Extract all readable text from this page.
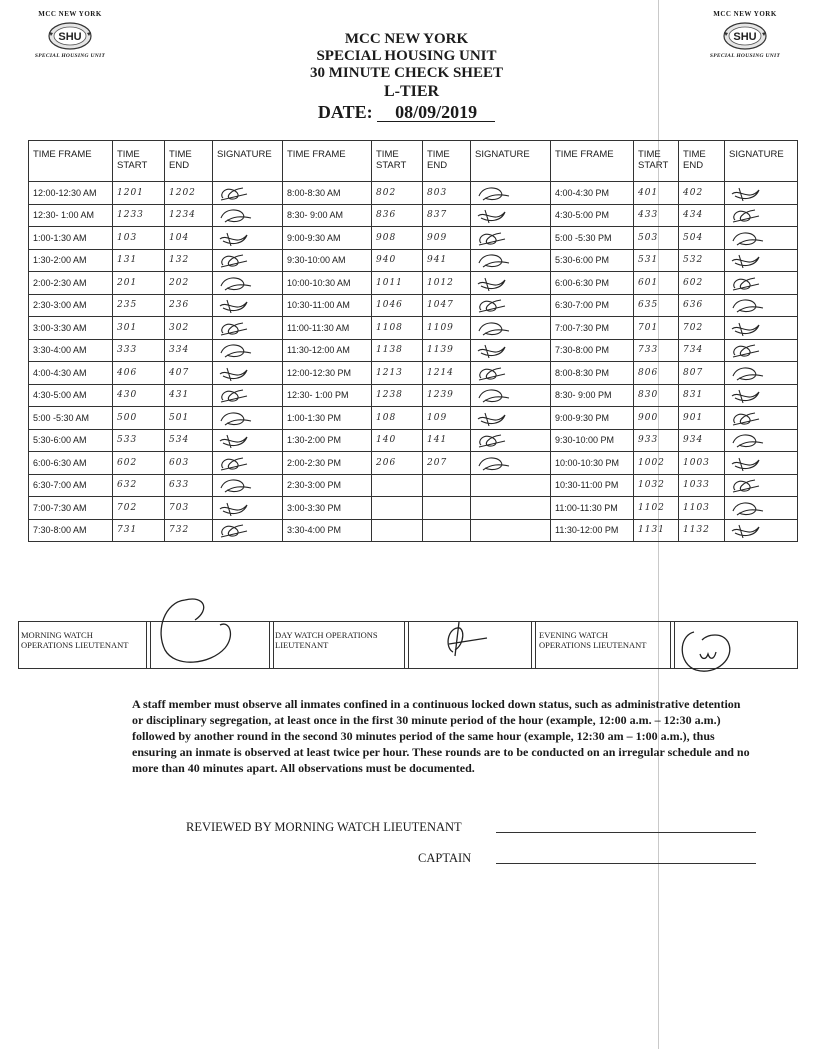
MCC NEW YORK
SHU
SPECIAL HOUSING UNIT
MCC NEW YORK
SHU
SPECIAL HOUSING UNIT
MCC NEW YORK
SPECIAL HOUSING UNIT
30 MINUTE CHECK SHEET
L-TIER
DATE: 08/09/2019
TIME FRAME	TIME START	TIME END	SIGNATURE	TIME FRAME	TIME START	TIME END	SIGNATURE	TIME FRAME	TIME START	TIME END	SIGNATURE
12:00-12:30 AM	1201	1202		8:00-8:30 AM	802	803		4:00-4:30 PM	401	402	

12:30- 1:00 AM	1233	1234		8:30- 9:00 AM	836	837		4:30-5:00 PM	433	434	

1:00-1:30 AM	103	104		9:00-9:30 AM	908	909		5:00 -5:30 PM	503	504	

1:30-2:00 AM	131	132		9:30-10:00 AM	940	941		5:30-6:00 PM	531	532	

2:00-2:30 AM	201	202		10:00-10:30 AM	1011	1012		6:00-6:30 PM	601	602	

2:30-3:00 AM	235	236		10:30-11:00 AM	1046	1047		6:30-7:00 PM	635	636	

3:00-3:30 AM	301	302		11:00-11:30 AM	1108	1109		7:00-7:30 PM	701	702	

3:30-4:00 AM	333	334		11:30-12:00 AM	1138	1139		7:30-8:00 PM	733	734	

4:00-4:30 AM	406	407		12:00-12:30 PM	1213	1214		8:00-8:30 PM	806	807	

4:30-5:00 AM	430	431		12:30- 1:00 PM	1238	1239		8:30- 9:00 PM	830	831	

5:00 -5:30 AM	500	501		1:00-1:30 PM	108	109		9:00-9:30 PM	900	901	

5:30-6:00 AM	533	534		1:30-2:00 PM	140	141		9:30-10:00 PM	933	934	

6:00-6:30 AM	602	603		2:00-2:30 PM	206	207		10:00-10:30 PM	1002	1003	

6:30-7:00 AM	632	633		2:30-3:00 PM				10:30-11:00 PM	1032	1033	

7:00-7:30 AM	702	703		3:00-3:30 PM				11:00-11:30 PM	1102	1103	

7:30-8:00 AM	731	732		3:30-4:00 PM				11:30-12:00 PM	1131	1132	
MORNING WATCH OPERATIONS LIEUTENANT
DAY WATCH OPERATIONS LIEUTENANT
EVENING WATCH OPERATIONS LIEUTENANT
A staff member must observe all inmates confined in a continuous locked down status, such as administrative detention or disciplinary segregation, at least once in the first 30 minute period of the hour (example, 12:00 a.m. – 12:30 a.m.) followed by another round in the second 30 minutes period of the same hour (example, 12:30 am – 1:00 a.m.), thus ensuring an inmate is observed at least twice per hour. These rounds are to be conducted on an irregular schedule and no more than 40 minutes apart. All observations must be documented.
REVIEWED BY MORNING WATCH LIEUTENANT
CAPTAIN
